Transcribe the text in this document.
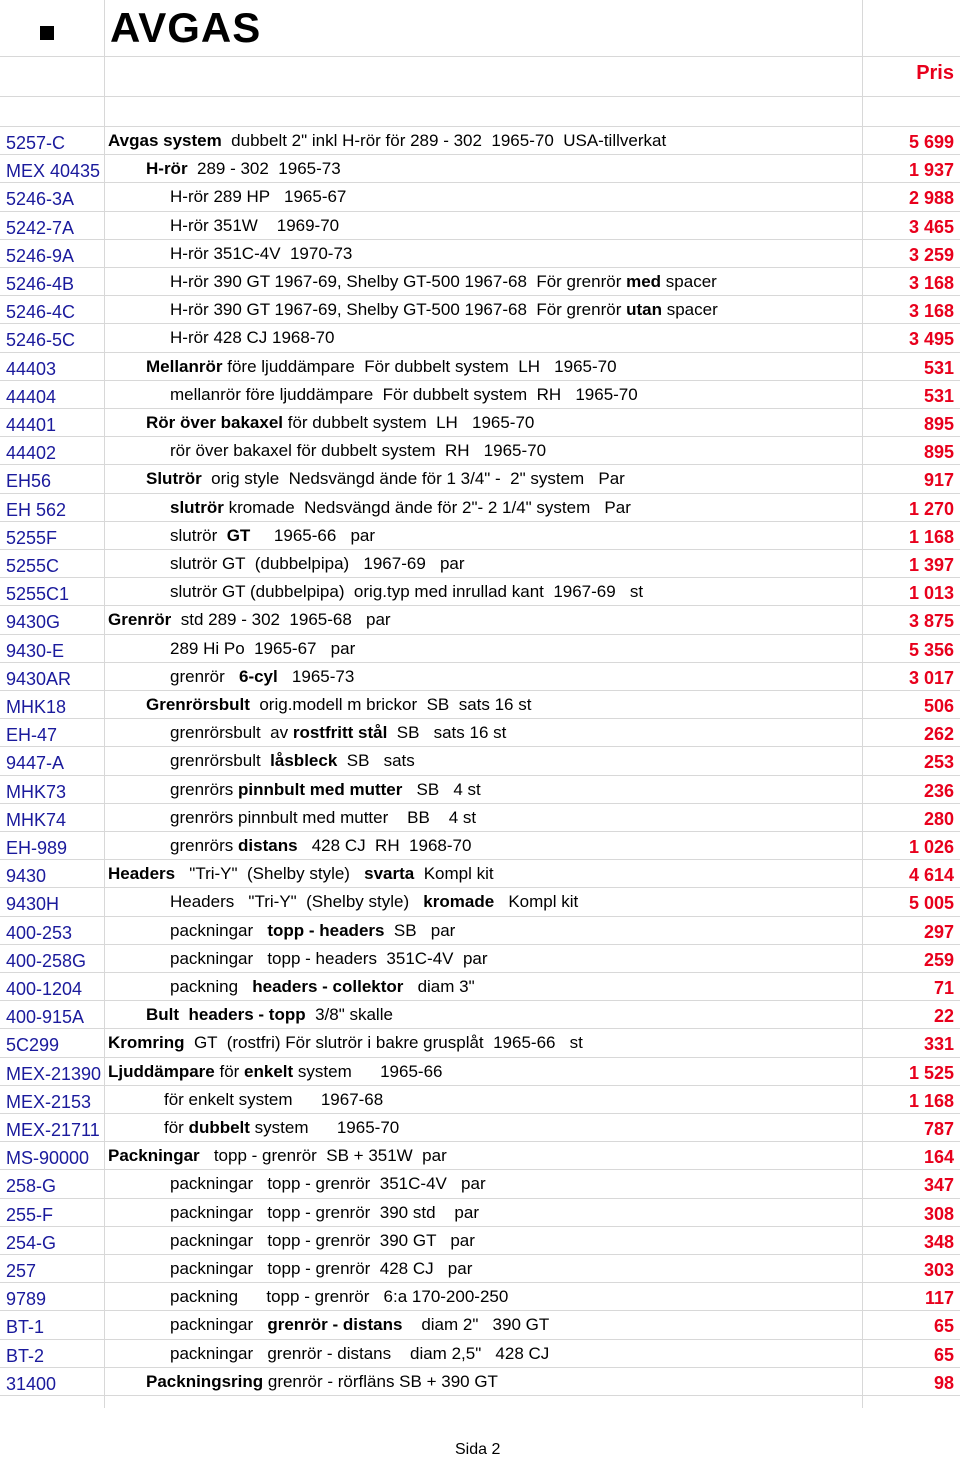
AVGAS
Pris
5257-C	Avgas system  dubbelt 2" inkl H-rör för 289 - 302  1965-70  USA-tillverkat	5 699
MEX 40435	H-rör  289 - 302  1965-73	1 937
5246-3A	H-rör 289 HP   1965-67	2 988
5242-7A	H-rör 351W    1969-70	3 465
5246-9A	H-rör 351C-4V  1970-73	3 259
5246-4B	H-rör 390 GT 1967-69, Shelby GT-500 1967-68  För grenrör med spacer	3 168
5246-4C	H-rör 390 GT 1967-69, Shelby GT-500 1967-68  För grenrör utan spacer	3 168
5246-5C	H-rör 428 CJ 1968-70	3 495
44403	Mellanrör före ljuddämpare  För dubbelt system  LH   1965-70	531
44404	mellanrör före ljuddämpare  För dubbelt system  RH   1965-70	531
44401	Rör över bakaxel för dubbelt system  LH   1965-70	895
44402	rör över bakaxel för dubbelt system  RH   1965-70	895
EH56	Slutrör  orig style  Nedsvängd ände för 1 3/4" -  2" system   Par	917
EH 562	slutrör kromade  Nedsvängd ände för 2"- 2 1/4" system   Par	1 270
5255F	slutrör  GT     1965-66   par	1 168
5255C	slutrör GT  (dubbelpipa)   1967-69   par	1 397
5255C1	slutrör GT (dubbelpipa)  orig.typ med inrullad kant  1967-69   st	1 013
9430G	Grenrör  std 289 - 302  1965-68   par	3 875
9430-E	289 Hi Po  1965-67   par	5 356
9430AR	grenrör   6-cyl   1965-73	3 017
MHK18	Grenrörsbult  orig.modell m brickor  SB  sats 16 st	506
EH-47	grenrörsbult  av rostfritt stål  SB   sats 16 st	262
9447-A	grenrörsbult  låsbleck  SB   sats	253
MHK73	grenrörs pinnbult med mutter   SB   4 st	236
MHK74	grenrörs pinnbult med mutter    BB    4 st	280
EH-989	grenrörs distans   428 CJ  RH  1968-70	1 026
9430	Headers   "Tri-Y"  (Shelby style)   svarta  Kompl kit	4 614
9430H	Headers   "Tri-Y"  (Shelby style)   kromade   Kompl kit	5 005
400-253	packningar   topp - headers  SB   par	297
400-258G	packningar   topp - headers  351C-4V  par	259
400-1204	packning   headers - collektor   diam 3"	71
400-915A	Bult  headers - topp  3/8" skalle	22
5C299	Kromring  GT  (rostfri) För slutrör i bakre grusplåt  1965-66   st	331
MEX-21390 Ljuddämpare för enkelt system      1965-66	1 525
MEX-2153	för enkelt system      1967-68	1 168
MEX-21711	för dubbelt system      1965-70	787
MS-90000	Packningar   topp - grenrör  SB + 351W  par	164
258-G	packningar   topp - grenrör  351C-4V   par	347
255-F	packningar   topp - grenrör  390 std    par	308
254-G	packningar   topp - grenrör  390 GT   par	348
257	packningar   topp - grenrör  428 CJ   par	303
9789	packning      topp - grenrör   6:a 170-200-250	117
BT-1	packningar   grenrör - distans    diam 2"   390 GT	65
BT-2	packningar   grenrör - distans    diam 2,5"   428 CJ	65
31400	Packningsring grenrör - rörfläns SB + 390 GT	98
Sida 2
